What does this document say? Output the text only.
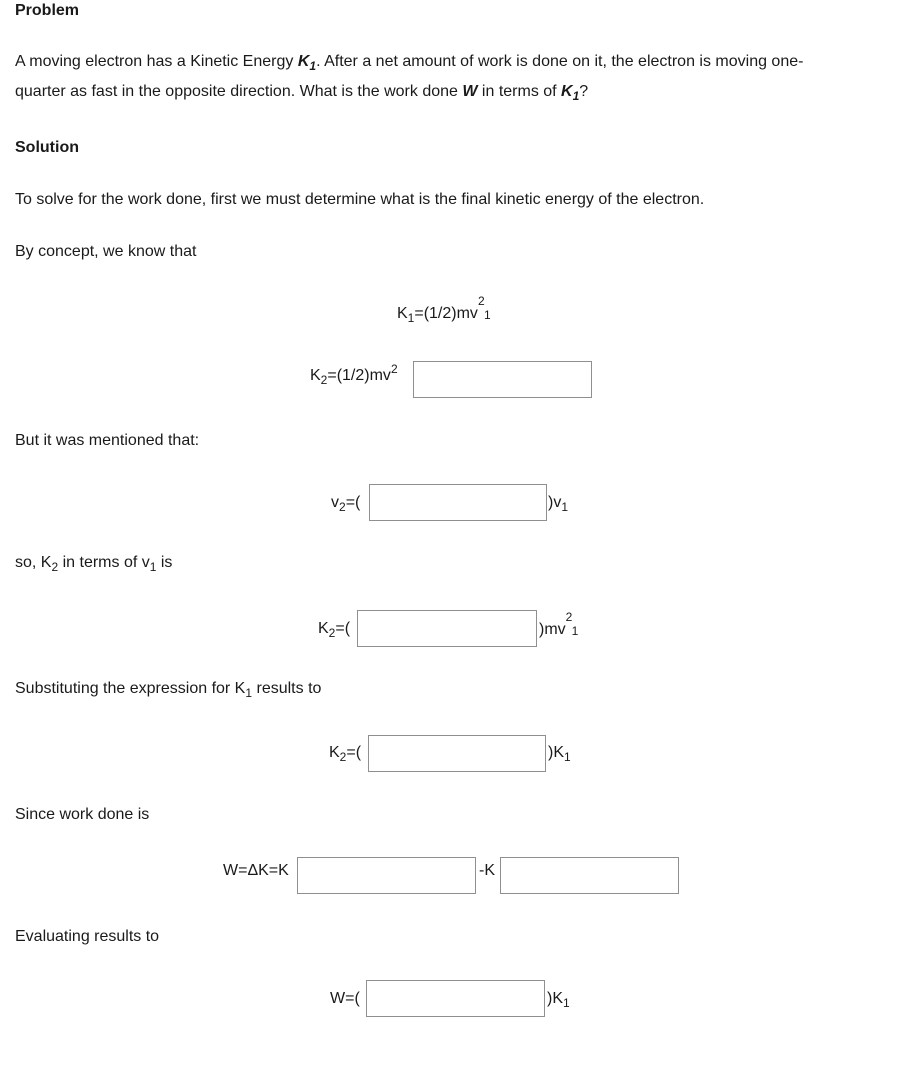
Problem
A moving electron has a Kinetic Energy $K_1$. After a net amount of work is done on it, the electron is moving one-
quarter as fast in the opposite direction. What is the work done W in terms of $K_1$?
Solution
To solve for the work done, first we must determine what is the final kinetic energy of the electron.
By concept, we know that
$K_1=(1/2)mv$
2
1
$K_2=(1/2)mv^2$
But it was mentioned that:
$v_2=$(	)$v_1$
so, $K_2$ in terms of $v_1$ is
$K_2=$(	)mv
2
1
Substituting the expression for $K_1$ results to
$K_2=$(	)$K_1$
Since work done is
W=ΔK=K	-K
Evaluating results to
W=(	)$K_1$
